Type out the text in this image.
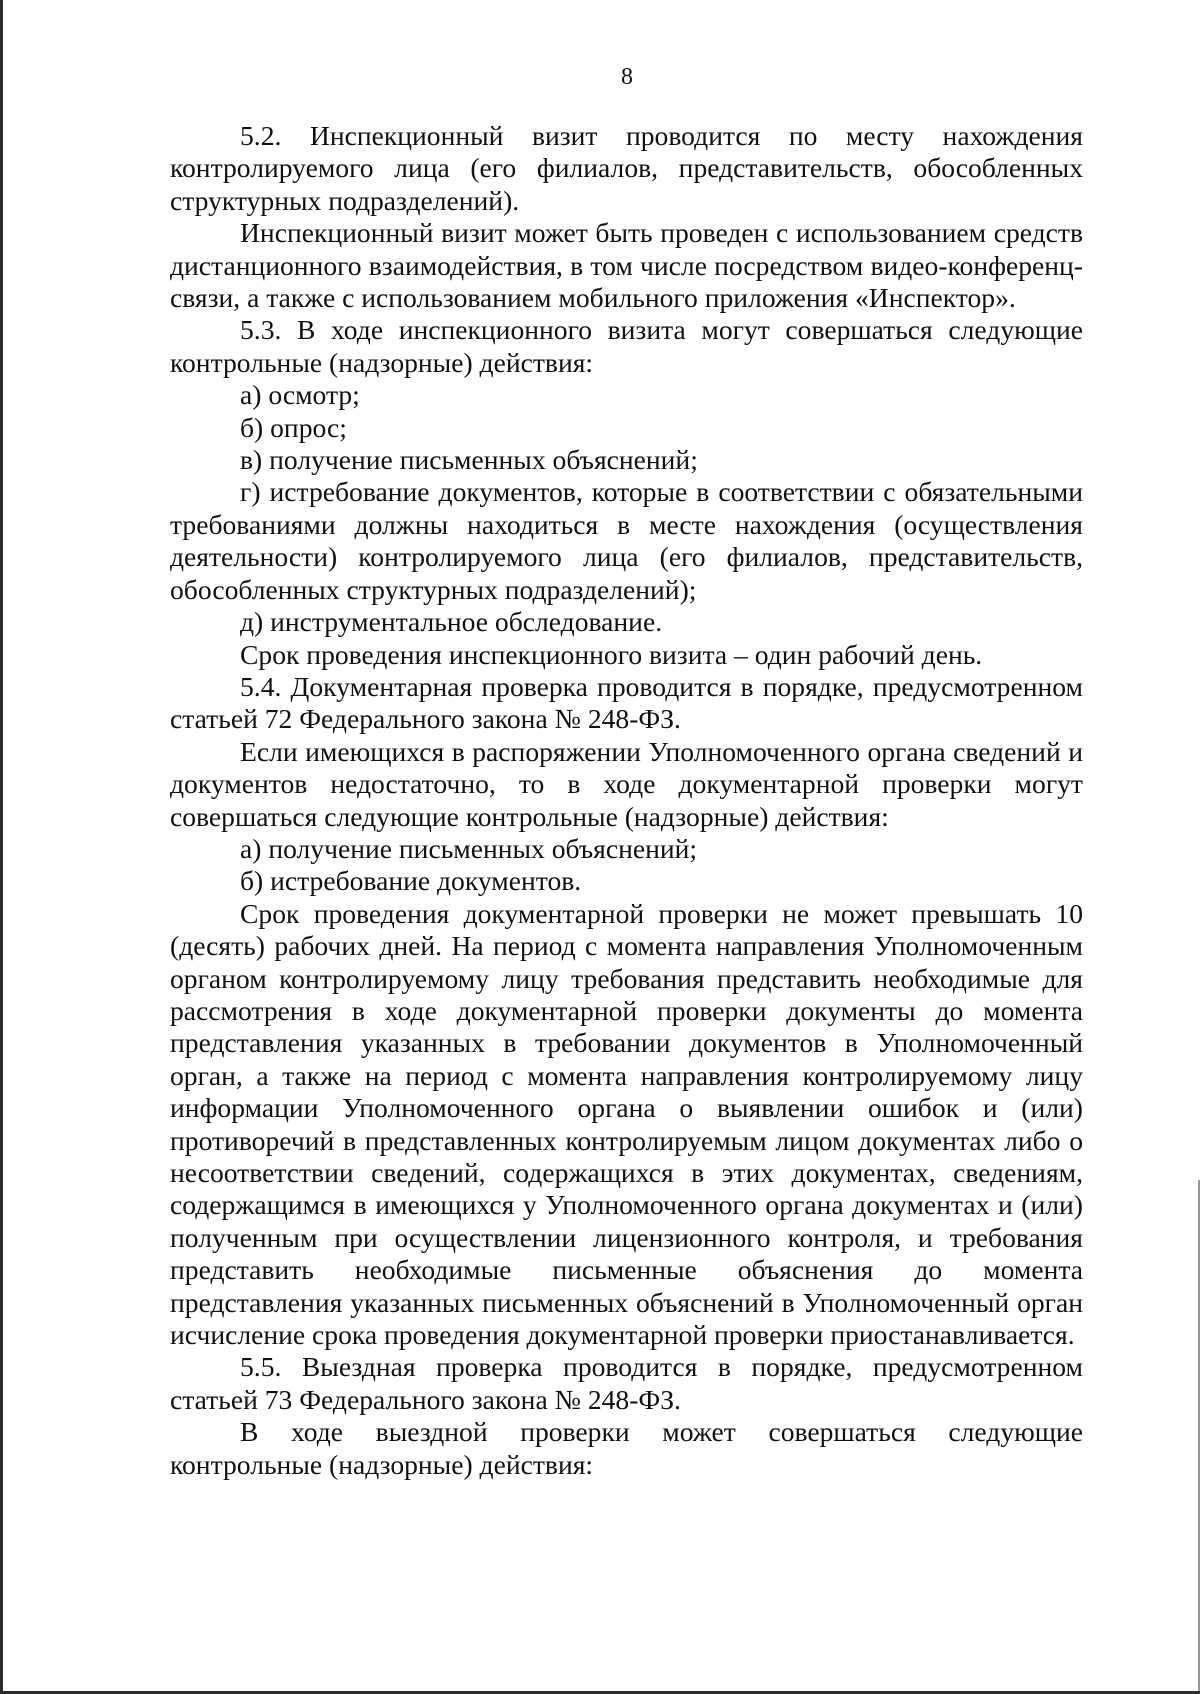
8

5.2. Инспекционный визит проводится по месту нахождения контролируемого лица (его филиалов, представительств, обособленных структурных подразделений).

Инспекционный визит может быть проведен с использованием средств дистанционного взаимодействия, в том числе посредством видео-конференц-связи, а также с использованием мобильного приложения «Инспектор».

5.3. В ходе инспекционного визита могут совершаться следующие контрольные (надзорные) действия:

а) осмотр;

б) опрос;

в) получение письменных объяснений;

г) истребование документов, которые в соответствии с обязательными требованиями должны находиться в месте нахождения (осуществления деятельности) контролируемого лица (его филиалов, представительств, обособленных структурных подразделений);

д) инструментальное обследование.

Срок проведения инспекционного визита – один рабочий день.

5.4. Документарная проверка проводится в порядке, предусмотренном статьей 72 Федерального закона № 248-ФЗ.

Если имеющихся в распоряжении Уполномоченного органа сведений и документов недостаточно, то в ходе документарной проверки могут совершаться следующие контрольные (надзорные) действия:

а) получение письменных объяснений;

б) истребование документов.

Срок проведения документарной проверки не может превышать 10 (десять) рабочих дней. На период с момента направления Уполномоченным органом контролируемому лицу требования представить необходимые для рассмотрения в ходе документарной проверки документы до момента представления указанных в требовании документов в Уполномоченный орган, а также на период с момента направления контролируемому лицу информации Уполномоченного органа о выявлении ошибок и (или) противоречий в представленных контролируемым лицом документах либо о несоответствии сведений, содержащихся в этих документах, сведениям, содержащимся в имеющихся у Уполномоченного органа документах и (или) полученным при осуществлении лицензионного контроля, и требования представить необходимые письменные объяснения до момента представления указанных письменных объяснений в Уполномоченный орган исчисление срока проведения документарной проверки приостанавливается.

5.5. Выездная проверка проводится в порядке, предусмотренном статьей 73 Федерального закона № 248-ФЗ.

В ходе выездной проверки может совершаться следующие контрольные (надзорные) действия:
